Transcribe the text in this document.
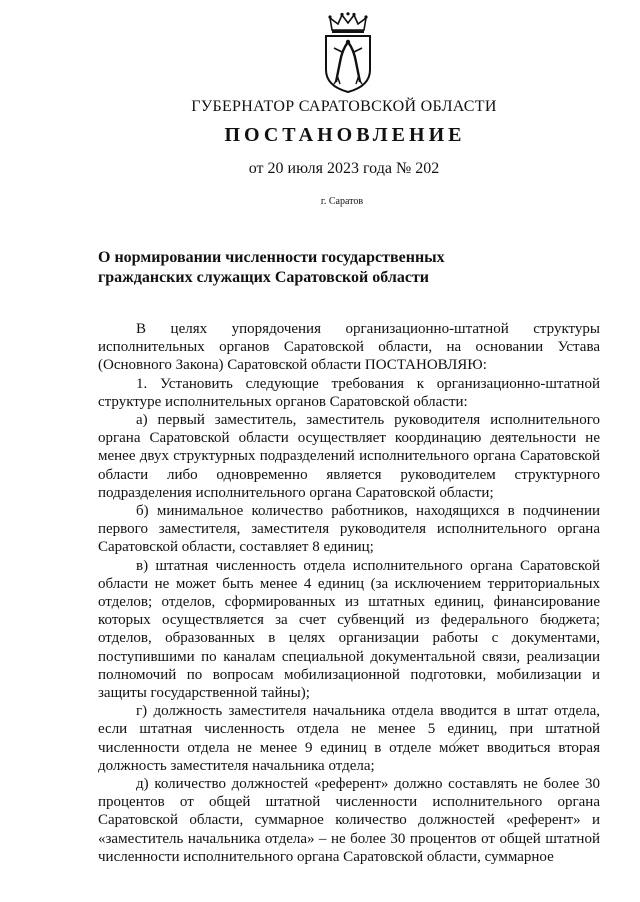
ГУБЕРНАТОР САРАТОВСКОЙ ОБЛАСТИ
ПОСТАНОВЛЕНИЕ
от 20 июля 2023 года № 202
г. Саратов
О нормировании численности государственных
гражданских служащих Саратовской области

В целях упорядочения организационно-штатной структуры исполнительных органов Саратовской области, на основании Устава (Основного Закона) Саратовской области ПОСТАНОВЛЯЮ:

1. Установить следующие требования к организационно-штатной структуре исполнительных органов Саратовской области:

а) первый заместитель, заместитель руководителя исполнительного органа Саратовской области осуществляет координацию деятельности не менее двух структурных подразделений исполнительного органа Саратовской области либо одновременно является руководителем структурного подразделения исполнительного органа Саратовской области;

б) минимальное количество работников, находящихся в подчинении первого заместителя, заместителя руководителя исполнительного органа Саратовской области, составляет 8 единиц;

в) штатная численность отдела исполнительного органа Саратовской области не может быть менее 4 единиц (за исключением территориальных отделов; отделов, сформированных из штатных единиц, финансирование которых осуществляется за счет субвенций из федерального бюджета; отделов, образованных в целях организации работы с документами, поступившими по каналам специальной документальной связи, реализации полномочий по вопросам мобилизационной подготовки, мобилизации и защиты государственной тайны);

г) должность заместителя начальника отдела вводится в штат отдела, если штатная численность отдела не менее 5 единиц, при штатной численности отдела не менее 9 единиц в отделе может вводиться вторая должность заместителя начальника отдела;

д) количество должностей «референт» должно составлять не более 30 процентов от общей штатной численности исполнительного органа Саратовской области, суммарное количество должностей «референт» и «заместитель начальника отдела» – не более 30 процентов от общей штатной численности исполнительного органа Саратовской области, суммарное
